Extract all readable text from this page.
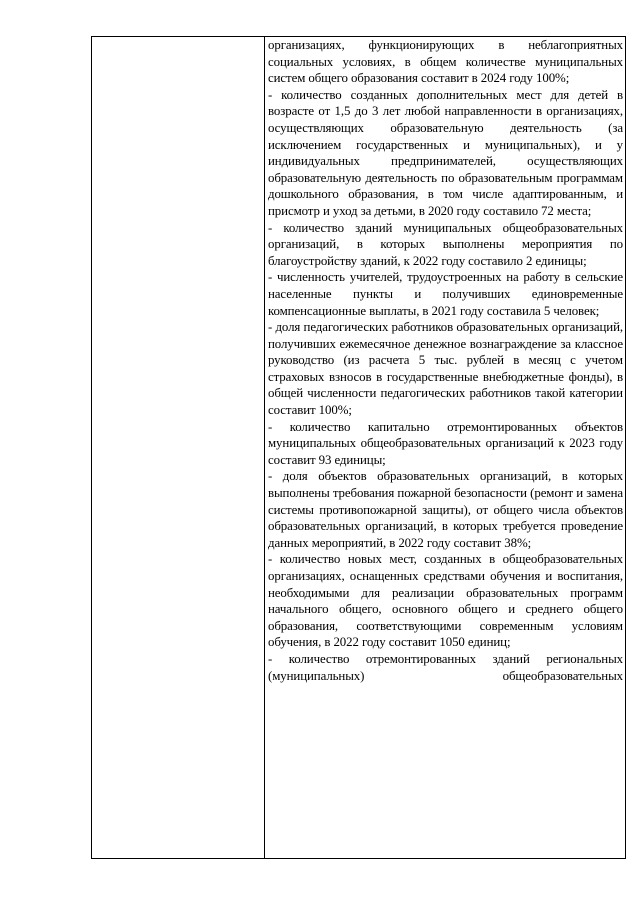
организациях, функционирующих в неблагоприятных социальных условиях, в общем количестве муниципальных систем общего образования составит в 2024 году 100%;

- количество созданных дополнительных мест для детей в возрасте от 1,5 до 3 лет любой направленности в организациях, осуществляющих образовательную деятельность (за исключением государственных и муниципальных), и у индивидуальных предпринимателей, осуществляющих образовательную деятельность по образовательным программам дошкольного образования, в том числе адаптированным, и присмотр и уход за детьми, в 2020 году составило 72 места;

- количество зданий муниципальных общеобразовательных организаций, в которых выполнены мероприятия по благоустройству зданий, к 2022 году составило 2 единицы;

- численность учителей, трудоустроенных на работу в сельские населенные пункты и получивших единовременные компенсационные выплаты, в 2021 году составила 5 человек;

- доля педагогических работников образовательных организаций, получивших ежемесячное денежное вознаграждение за классное руководство (из расчета 5 тыс. рублей в месяц с учетом страховых взносов в государственные внебюджетные фонды), в общей численности педагогических работников такой категории составит 100%;

- количество капитально отремонтированных объектов муниципальных общеобразовательных организаций к 2023 году составит 93 единицы;

- доля объектов образовательных организаций, в которых выполнены требования пожарной безопасности (ремонт и замена системы противопожарной защиты), от общего числа объектов образовательных организаций, в которых требуется проведение данных мероприятий, в 2022 году составит 38%;

- количество новых мест, созданных в общеобразовательных организациях, оснащенных средствами обучения и воспитания, необходимыми для реализации образовательных программ начального общего, основного общего и среднего общего образования, соответствующими современным условиям обучения, в 2022 году составит 1050 единиц;

- количество отремонтированных зданий региональных (муниципальных) общеобразовательных
